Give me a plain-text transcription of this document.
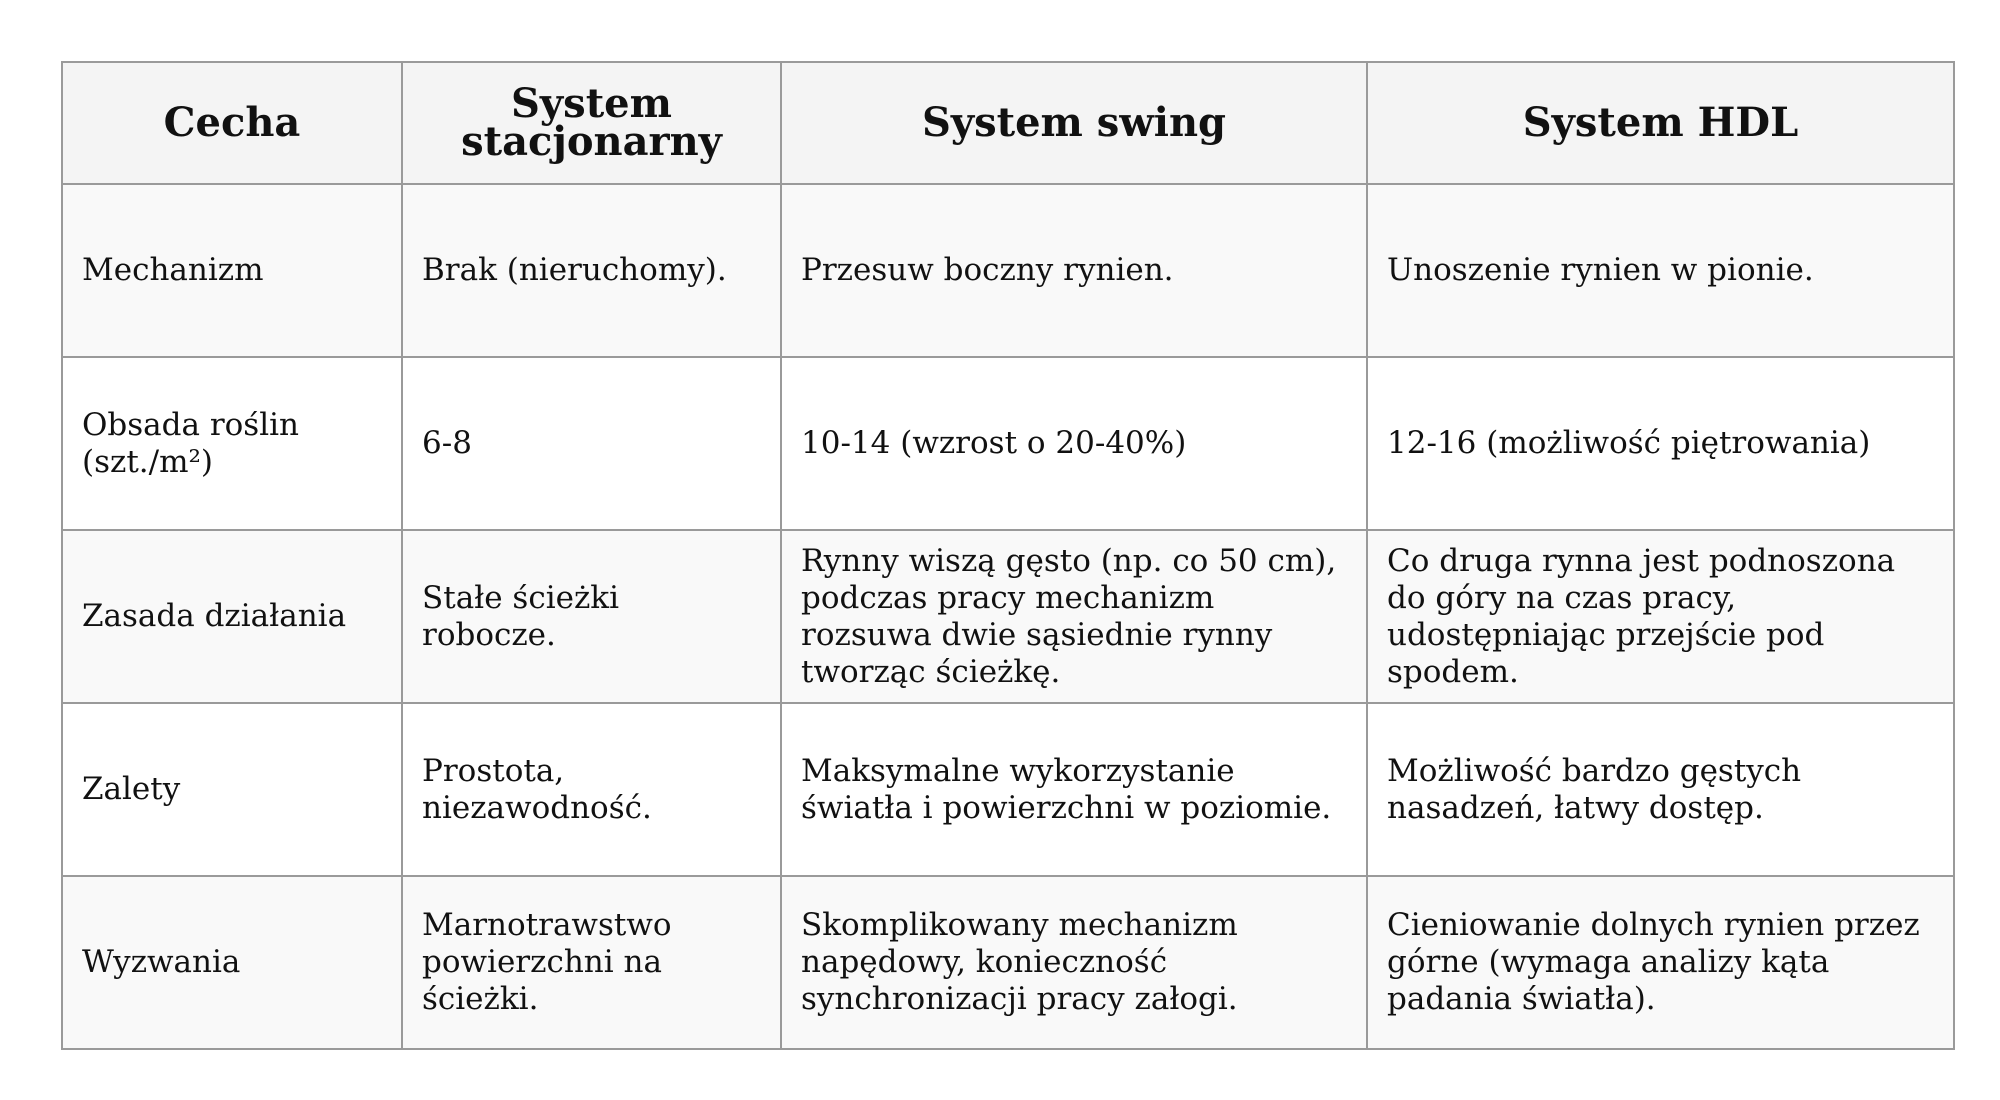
Cecha	System stacjonarny	System swing	System HDL
Mechanizm	Brak (nieruchomy).	Przesuw boczny rynien.	Unoszenie rynien w pionie.
Obsada roślin (szt./m²)	6-8	10-14 (wzrost o 20-40%)	12-16 (możliwość piętrowania)
Zasada działania	Stałe ścieżki robocze.	Rynny wiszą gęsto (np. co 50 cm), podczas pracy mechanizm rozsuwa dwie sąsiednie rynny tworząc ścieżkę.	Co druga rynna jest podnoszona do góry na czas pracy, udostępniając przejście pod spodem.
Zalety	Prostota, niezawodność.	Maksymalne wykorzystanie światła i powierzchni w poziomie.	Możliwość bardzo gęstych nasadzeń, łatwy dostęp.
Wyzwania	Marnotrawstwo powierzchni na ścieżki.	Skomplikowany mechanizm napędowy, konieczność synchronizacji pracy załogi.	Cieniowanie dolnych rynien przez górne (wymaga analizy kąta padania światła).
